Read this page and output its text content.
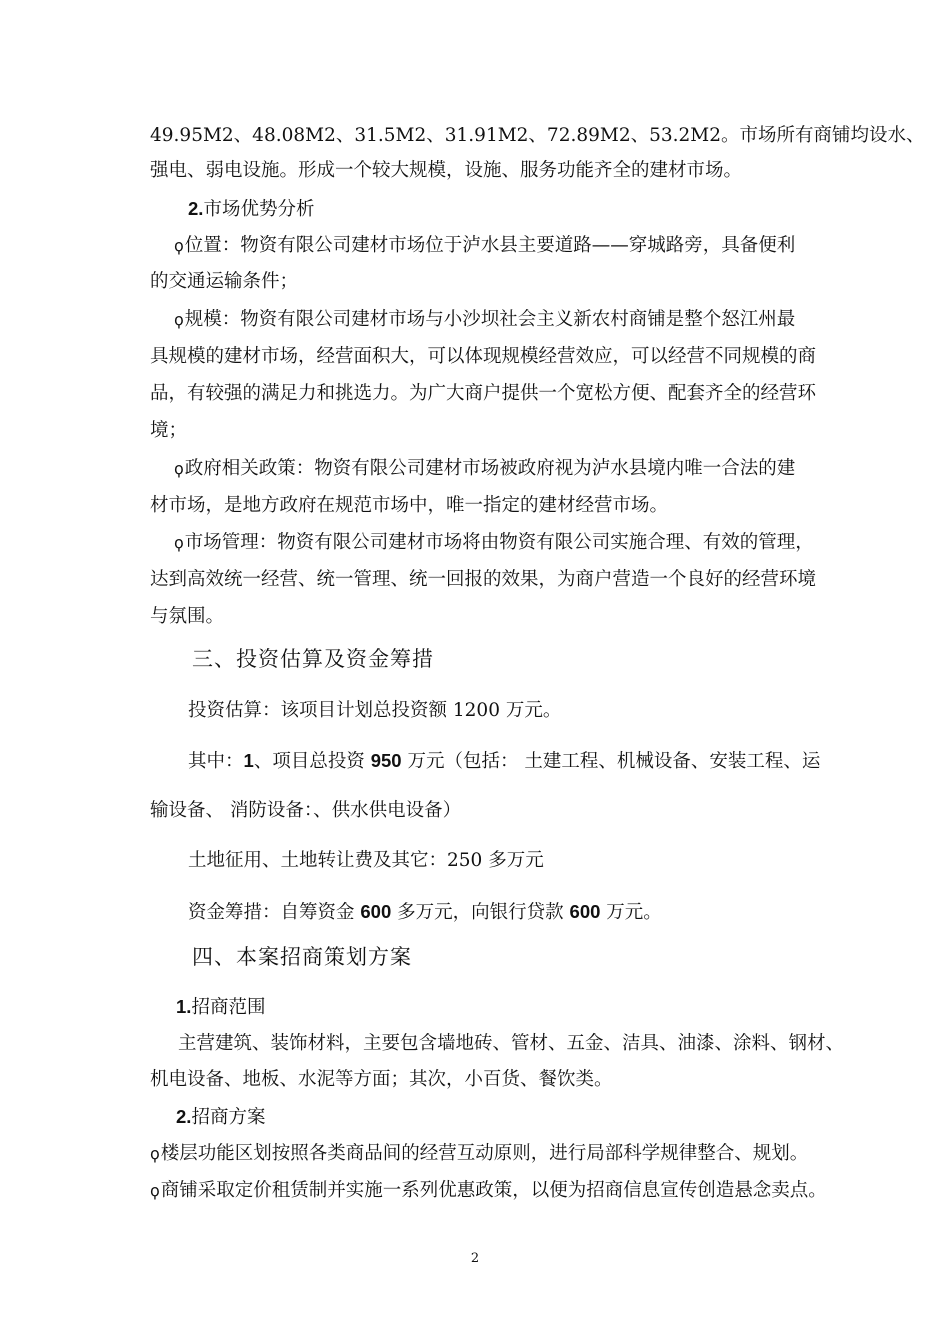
49.95M2、48.08M2、31.5M2、31.91M2、72.89M2、53.2M2。市场所有商铺均设水、
强电、弱电设施。形成一个较大规模，设施、服务功能齐全的建材市场。
2.市场优势分析
ϙ位置：物资有限公司建材市场位于泸水县主要道路——穿城路旁，具备便利
的交通运输条件；
ϙ规模：物资有限公司建材市场与小沙坝社会主义新农村商铺是整个怒江州最
具规模的建材市场，经营面积大，可以体现规模经营效应，可以经营不同规模的商
品，有较强的满足力和挑选力。为广大商户提供一个宽松方便、配套齐全的经营环
境；
ϙ政府相关政策：物资有限公司建材市场被政府视为泸水县境内唯一合法的建
材市场，是地方政府在规范市场中，唯一指定的建材经营市场。
ϙ市场管理：物资有限公司建材市场将由物资有限公司实施合理、有效的管理，
达到高效统一经营、统一管理、统一回报的效果，为商户营造一个良好的经营环境
与氛围。
三、投资估算及资金筹措
投资估算：该项目计划总投资额 1200 万元。
其中：1、项目总投资 950 万元（包括： 土建工程、机械设备、安装工程、运
输设备、 消防设备：、供水供电设备）
土地征用、土地转让费及其它：250 多万元
资金筹措：自筹资金 600 多万元，向银行贷款 600 万元。
四、本案招商策划方案
1.招商范围
主营建筑、装饰材料，主要包含墙地砖、管材、五金、洁具、油漆、涂料、钢材、
机电设备、地板、水泥等方面；其次，小百货、餐饮类。
2.招商方案
ϙ楼层功能区划按照各类商品间的经营互动原则，进行局部科学规律整合、规划。
ϙ商铺采取定价租赁制并实施一系列优惠政策，以便为招商信息宣传创造悬念卖点。
2
